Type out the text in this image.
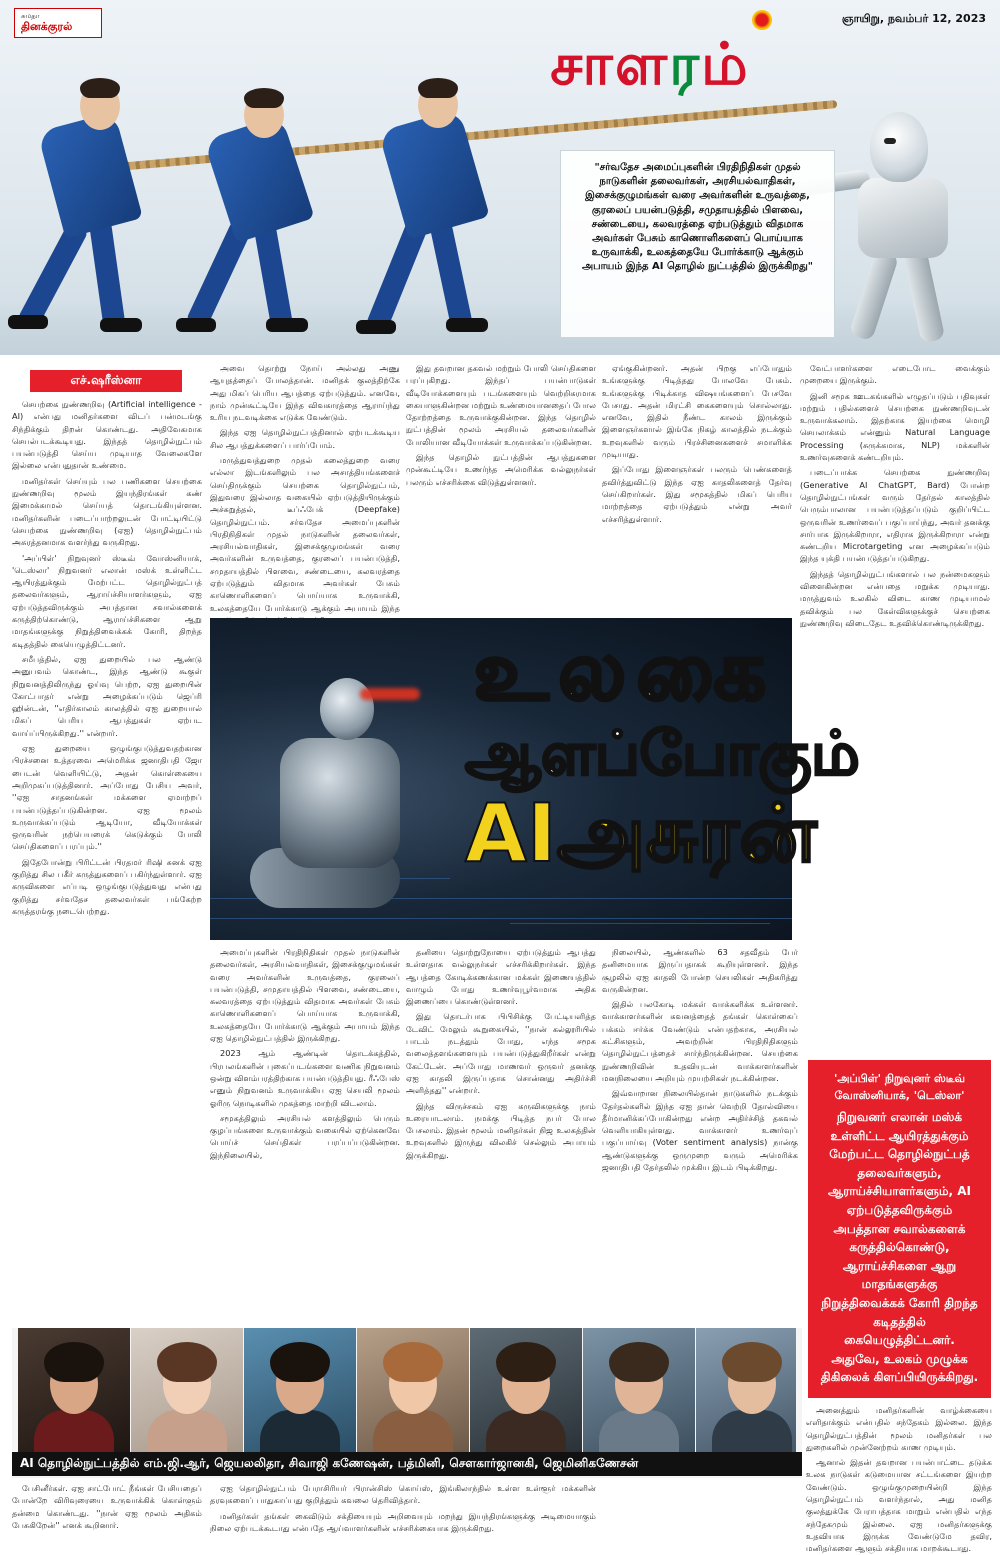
சுமதா
தினக்குரல்
ஞாயிறு, நவம்பர் 12, 2023
சா ள ர ம்
"சர்வதேச அமைப்புகளின் பிரதிநிதிகள் முதல் நாடுகளின் தலைவர்கள், அரசியல்வாதிகள், இசைக்குழுமங்கள் வரை அவர்களின் உருவத்தை, குரலைப் பயன்படுத்தி, சமுதாயத்தில் பிளவை, சண்டையை, கலவரத்தை ஏற்படுத்தும் விதமாக அவர்கள் பேசும் காணொளிகளைப் பொய்யாக உருவாக்கி, உலகத்தையே போர்க்காடு ஆக்கும் அபாயம் இந்த AI தொழில் நுட்பத்தில் இருக்கிறது"
எச்.ஷரீஸ்னா

செயற்கை நுண்ணறிவு (Artificial intelligence - AI) என்பது மனிதர்களை விடப் பன்மடங்கு சிந்திக்கும் திறன் கொண்டது. அதிவேகமாக செயல்படக்கூடியது. இந்தத் தொழில்நுட்பம் பயன்படுத்தி செய்ய முடியாத வேலைகளே இல்லை என்பதுதான் உண்மை.

மனிதர்கள் செய்யும் பல பணிகளை செயற்கை நுண்ணறிவு மூலம் இயந்திரங்கள் கண் இமைக்காமல் செய்யத் தொடங்கியுள்ளன. மனிதர்களின் படைப்பாற்றலுடன் போட்டியிட்டு செயற்கை நுண்ணறிவு (ஏஐ) தொழில்நுட்பம் அசுரத்தனமாக வளர்ந்து வருகிறது.

'அப்பிள்' நிறுவுனர் ஸ்டீவ் வோஸ்னியாக், 'டெஸ்லா' நிறுவனர் எலான் மஸ்க் உள்ளிட்ட ஆயிரத்துக்கும் மேற்பட்ட தொழில்நுட்பத் தலைவர்களும், ஆராய்ச்சியாளர்களும், ஏஐ ஏற்படுத்தவிருக்கும் அபத்தான சவால்களைக் கருத்திற்கொண்டு, ஆராய்ச்சிகளை ஆறு மாதங்களுக்கு நிறுத்திவைக்கக் கோரி, திறந்த கடிதத்தில் கையெழுத்திட்டனர்.

சமீபத்தில், ஏஐ துறையில் பல ஆண்டு அனுபவம் கொண்ட, இந்த ஆண்டு கூகுள் நிறுவனத்திலிருந்து ஓய்வு பெற்ற, ஏஐ துறையின் கோட்பாதர் என்று அழைக்கப்படும் ஜெப்ரி ஹின்டன், ''எதிர்காலம் காலத்தில் ஏஐ துறையால் மிகப் பெரிய ஆபத்துகள் ஏற்பட வாய்ப்பிருக்கிறது.'' என்றார்.

ஏஐ துறையை ஒழுங்குபடுத்துவதற்கான பிரச்சனை உத்தரவை அமெரிக்க ஜனாதிபதி ஜோ பைடன் வெளியிட்டு, அதன் கொள்கையை அறிமுகப்படுத்தினார். அப்போது பேசிய அவர், ''ஏஐ சாதனங்கள் மக்களை ஏமாற்றப் பயன்படுத்தப்படுகின்றன. ஏஐ மூலம் உருவாக்கப்படும் ஆடியோ, வீடியோக்கள் ஒருவரின் நற்பெயரைக் கெடுக்கும் போலி செய்திகளைப் பரப்பும்.''

இதேபோன்று பிரிட்டன் பிரதமர் ரிஷி சுனக் ஏஐ குறித்து சில பகீர் கருத்துகளைப் பகிர்ந்துள்ளார். ஏஐ கருவிகளை எப்படி ஒழுங்குபடுத்துவது என்பது குறித்து சர்வதேச தலைவர்கள் பங்கேற்ற கருத்தரங்கு நடைபெற்றது.

அவை தொற்று நோய் அல்லது அணு ஆயுதத்தைப் போலத்தான். மனிதக் குலத்திற்கே அது மிகப் பெரிய ஆபத்தை ஏற்படுத்தும். எனவே, நாம் முன்கூட்டியே இந்த விவகாரத்தை ஆராய்ந்து உரிய நடவடிக்கை எடுக்க வேண்டும்.

இந்த ஏஐ தொழில்நுட்பத்தினால் ஏற்படக்கூடிய சில ஆபத்துக்களைப் பார்ப்போம்.

மருத்துவத்துறை முதல் கலைத்துறை வரை எல்லா இடங்களிலும் பல அசாத்தியங்களைச் செய்திருக்கும் செயற்கை தொழில்நுட்பம், இதுவரை இல்லாத வகையில் ஏற்படுத்தியிருக்கும் அச்சுறுத்தல், டீப்ஃபேக் (Deepfake) தொழில்நுட்பம். சர்வதேச அமைப்புகளின் பிரதிநிதிகள் முதல் நாடுகளின் தலைவர்கள், அரசியல்வாதிகள், இசைக்குழுமங்கள் வரை அவர்களின் உருவத்தை, குரலைப் பயன்படுத்தி, சமுதாயத்தில் பிளவை, சண்டையை, கலவரத்தை ஏற்படுத்தும் விதமாக அவர்கள் பேசும் காணொளிகளைப் பொய்யாக உருவாக்கி, உலகத்தையே போர்க்காடு ஆக்கும் அபாயம் இந்த

இது தவறான தகவல் மற்றும் போலி செய்திகளை பரப்புகிறது. இந்தப் பயன்பாடுகள் வீடியோக்களையும் படங்களையும் வெற்றிகரமாக கையாளுகின்றன மற்றும் உண்மையானதைப் போல தோற்றத்தை உருவாக்குகின்றன. இந்த தொழில் நுட்பத்தின் மூலம் அரசியல் தலைவர்களின் போலியான வீடியோக்கள் உருவாக்கப்படுகின்றன.

இந்த தொழில் நுட்பத்தின் ஆபத்துகளை முன்கூட்டியே உணர்ந்த அமெரிக்க வல்லுநர்கள் பலரும் எச்சரிக்கை விடுத்துள்ளனர்.

ஏங்குகின்றனர். அதன் பிறகு எப்போதும் உங்களுக்கு பிடித்தது போலவே பேசும். உங்களுக்கு பிடிக்காத விஷயங்களைப் பேசவே பேசாது. அதன் மிரட்சி கைகளையும் சொல்லாது. எனவே, இதில் நீண்ட காலம் இருக்கும் இளைஞர்களால் இங்கே நிகழ் காலத்தில் நடக்கும் உறவுகளில் வரும் பிரச்சினைகளைச் சமாளிக்க முடியாது.

இப்போது இளைஞர்கள் பலரும் பெண்களைத் தவிர்த்துவிட்டு இந்த ஏஐ காதலிகளைத் தேர்வு செய்கிறார்கள். இது சமூகத்தில் மிகப் பெரிய மாற்றத்தை ஏற்படுத்தும் என்று அவர் எச்சரித்துள்ளார்.

வேட்பாளர்களை எடைபோட வைக்கும் முறையை இருக்கும்.

இனி சமூக ஊடகங்களில் எழுதப்படும் பதிவுகள் மற்றும் பதில்களைச் செயற்கை நுண்ணறிவுடன் உருவாக்கலாம். இதற்காக இயற்கை மொழி செயலாக்கம் என்னும் Natural Language Processing (சுருக்கமாக, NLP) மக்களின் உணர்வுகளைக் கண்டறியும்.

படைப்பாக்க செயற்கை நுண்ணறிவு (Generative AI ChatGPT, Bard) போன்ற தொழில்நுட்பங்கள் வரும் தேர்தல் காலத்தில் பெரும்பாலான பயன்படுத்தப்படும் குறிப்பிட்ட ஒருவரின் உணர்வைப் பகுப்பாய்ந்து, அவர் தனக்கு சார்பாக இருக்கிறாரா, எதிராக இருக்கிறாரா என்று கண்டறிய Microtargeting என அழைக்கப்படும் இந்த யுக்தி பயன்படுத்தப்படுகிறது.

இந்தத் தொழில்நுட்பங்களால் பல நன்மைகளும் விளைகின்றன என்பதை மறுக்க முடியாது. மருத்துவம் உலகில் விடை காண முடியாமல் தவிக்கும் பல கேள்விகளுக்குச் செயற்கை நுண்ணறிவு விடைதேட உதவிக்கொண்டிருக்கிறது.

உலகை
ஆளப்போகும்
AIஅசுரன்

அமைப்புகளின் பிரதிநிதிகள் முதல் நாடுகளின் தலைவர்கள், அரசியல்வாதிகள், இசைக்குழுமங்கள் வரை அவர்களின் உருவத்தை, குரலைப் பயன்படுத்தி, சமுதாயத்தில் பிளவை, சண்டையை, கலவரத்தை ஏற்படுத்தும் விதமாக அவர்கள் பேசும் காணொளிகளைப் பொய்யாக உருவாக்கி, உலகத்தையே போர்க்காடு ஆக்கும் அபாயம் இந்த ஏஐ தொழில்நுட்பத்தில் இருக்கிறது.

2023 ஆம் ஆண்டின் தொடக்கத்தில், பிரபலங்களின் புகைப்படங்களை வணிக நிறுவனம் ஒன்று விளம்பரத்திற்காக பயன்படுத்தியது. ரீஃபேஸ் எனும் நிறுவனம் உருவாக்கிய ஏஐ செயலி மூலம் ஓரிரு நொடிகளில் முகத்தை மாற்றி விடலாம்.

சமூகத்திலும் அரசியல் களத்திலும் பெரும் குழப்பங்களை உருவாக்கும் வகையில் ஏற்கெனவே பொய்ச் செய்திகள் பரப்பப்படுகின்றன. இந்நிலையில்,

தனியை தொற்றுநோயை ஏற்படுத்தும் ஆபத்து உள்ளதாக வல்லுநர்கள் எச்சரிக்கிறார்கள். இந்த ஆபத்தை கோடிக்கணக்கான மக்கள் இணையத்தில் வாழும் போது உணர்வுபூர்வமாக அதிக இணைப்பை கொண்டுள்ளனர்.

இது தொடர்பாக பிபிசிக்கு பேட்டியளித்த டேவிட் மேலும் கூறுகையில், ''நான் கல்லூரியில் பாடம் நடத்தும் போது, எந்த சமூக வலைத்தளங்களையும் பயன்படுத்துகிறீர்கள் என்று கேட்டேன். அப்போது மாணவர் ஒருவர் தனக்கு ஏஐ காதலி இருப்பதாக சொன்னது அதிர்ச்சி அளித்தது'' என்றார்.

இந்த விருச்சகம் ஏஐ கருவிகளுக்கு நாம் உரையாடலாம். நமக்கு பிடித்த நபர் போல பேசலாம். இதன் மூலம் மனிதர்கள் நிஜ உலகத்தின் உறவுகளில் இருந்து விலகிச் செல்லும் அபாயம் இருக்கிறது.

நிலையில், ஆண்களில் 63 சதவீதம் பேர் தனிமையாக இருப்பதாகக் கூறியுள்ளனர். இந்த சூழலில் ஏஐ காதலி போன்ற செயலிகள் அதிகரித்து வருகின்றன.

இதில் பலகோடி மக்கள் வாக்களிக்க உள்ளனர். வாக்காளர்களின் கவனத்தைத் தங்கள் கொள்கைப் பக்கம் ஈர்க்க வேண்டும் என்பதற்காக, அரசியல் கட்சிகளும், அவற்றின் பிரதிநிதிகளும் தொழில்நுட்பத்தைச் சார்ந்திருக்கின்றன. செயற்கை நுண்ணறிவின் உதவியுடன் வாக்காளர்களின் மனநிலையை அறியும் முயற்சிகள் நடக்கின்றன.

இவ்வாறான நிலையில்தான் நாடுகளில் நடக்கும் தேர்தல்களில் இந்த ஏஐ தான் வெற்றி தோல்வியை தீர்மானிக்கப்போகின்றது என்ற அதிர்ச்சித் தகவல் வெளியாகியுள்ளது. வாக்காளர் உணர்வுப் பகுப்பாய்வு (Voter sentiment analysis) நான்கு ஆண்டுகளுக்கு ஒருமுறை வரும் அமெரிக்க ஜனாதிபதி தேர்தலில் முக்கிய இடம் பிடிக்கிறது.

'அப்பிள்' நிறுவுனர் ஸ்டீவ் வோஸ்னியாக், 'டெஸ்லா'
நிறுவனர் எலான் மஸ்க் உள்ளிட்ட ஆயிரத்துக்கும் மேற்பட்ட தொழில்நுட்பத் தலைவர்களும், ஆராய்ச்சியாளர்களும், AI ஏற்படுத்தவிருக்கும் அபத்தான சவால்களைக் கருத்தில்கொண்டு, ஆராய்ச்சிகளை ஆறு மாதங்களுக்கு நிறுத்திவைக்கக் கோரி திறந்த கடிதத்தில் கையெழுத்திட்டனர். அதுவே, உலகம் முழுக்க திகிலைக் கிளப்பியிருக்கிறது.

அனைத்தும் மனிதர்களின் வாழ்க்கையை எளிதாக்கும் என்பதில் சந்தேகம் இல்லை. இந்த தொழில்நுட்பத்தின் மூலம் மனிதர்கள் பல துறைகளில் முன்னேற்றம் காண முடியும்.

ஆனால் இதன் தவறான பயன்பாட்டை தடுக்க உலக நாடுகள் கடுமையான சட்டங்களை இயற்ற வேண்டும். ஒழுங்குமுறையின்றி இந்த தொழில்நுட்பம் வளர்ந்தால், அது மனித குலத்துக்கே பேராபத்தாக மாறும் என்பதில் எந்த சந்தேகமும் இல்லை. ஏஐ மனிதர்களுக்கு உதவியாக இருக்க வேண்டுமே தவிர, மனிதர்களை ஆளும் சக்தியாக மாறக்கூடாது.

AI தொழில்நுட்பத்தில் எம்.ஜி.ஆர், ஜெயலலிதா, சிவாஜி கணேஷன், பத்மினி, சௌகார்ஜானகி, ஜெமினிகணேசன்

பேசினீர்கள். ஏஐ சாட்போட் நீங்கள் பேசியதைப் போன்றே விரிவுரையை உருவாக்கிக் கொள்ளும் தன்மை கொண்டது. ''நான் ஏஐ மூலம் அதிகம் பேசுகிறேன்'' எனக் கூறினார்.

ஏஐ தொழில்நுட்பம் பேராசிரியர் பிரான்சிஸ் கொய்ஸ், இங்கிலாந்தில் உள்ள உள்ளூர் மக்களின் தரவுகளைப் பாதுகாப்பது குறித்தும் கவலை தெரிவித்தார்.

மனிதர்கள் தங்கள் கைவிடும் சக்தியையும் அறிவையும் மறந்து இயந்திரங்களுக்கு அடிமையாகும் நிலை ஏற்படக்கூடாது என்பதே ஆய்வாளர்களின் எச்சரிக்கையாக இருக்கிறது.
